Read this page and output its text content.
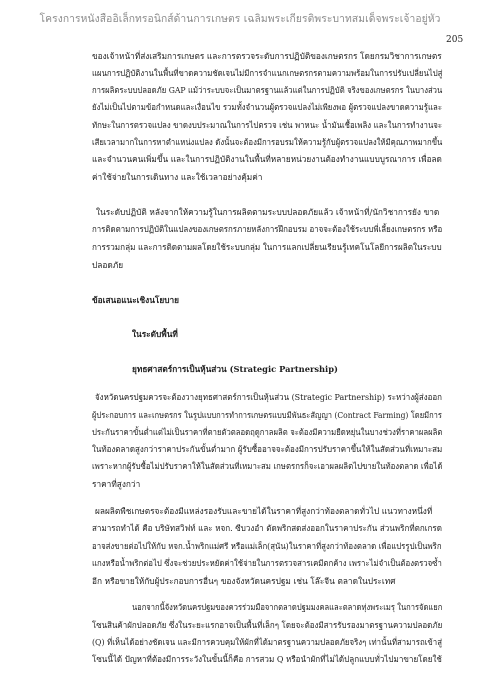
โครงการหนังสืออิเล็กทรอนิกส์ด้านการเกษตร เฉลิมพระเกียรติพระบาทสมเด็จพระเจ้าอยู่หัว
205
ของเจ้าหน้าที่ส่งเสริมการเกษตร และการตรวจระดับการปฏิบัติของเกษตรกร โดยกรมวิชาการเกษตร
แผนการปฏิบัติงานในพื้นที่ขาดความชัดเจนไม่มีการจำแนกเกษตรกรตามความพร้อมในการปรับเปลี่ยนไปสู่
การผลิตระบบปลอดภัย GAP แม้ว่าระบบจะเป็นมาตรฐานแล้วแต่ในการปฏิบัติ จริงของเกษตรกร ในบางส่วน
ยังไม่เป็นไปตามข้อกำหนดและเงื่อนไข รวมทั้งจำนวนผู้ตรวจแปลงไม่เพียงพอ ผู้ตรวจแปลงขาดความรู้และ
ทักษะในการตรวจแปลง ขาดงบประมาณในการไปตรวจ เช่น พาหนะ น้ำมันเชื้อเพลิง และในการทำงานจะ
เสียเวลามากในการหาตำแหน่งแปลง ดังนั้นจะต้องมีการอบรมให้ความรู้กับผู้ตรวจแปลงให้มีคุณภาพมากขึ้น
และจำนวนคนเพิ่มขึ้น และในการปฏิบัติงานในพื้นที่หลายหน่วยงานต้องทำงานแบบบูรณาการ เพื่อลด
ค่าใช้จ่ายในการเดินทาง และใช้เวลาอย่างคุ้มค่า
ในระดับปฏิบัติ หลังจากให้ความรู้ในการผลิตตามระบบปลอดภัยแล้ว เจ้าหน้าที่/นักวิชาการยัง ขาด
การติดตามการปฏิบัติในแปลงของเกษตรกรภายหลังการฝึกอบรม อาจจะต้องใช้ระบบพี่เลี้ยงเกษตรกร หรือ
การรวมกลุ่ม และการติดตามผลโดยใช้ระบบกลุ่ม ในการแลกเปลี่ยนเรียนรู้เทคโนโลยีการผลิตในระบบ
ปลอดภัย
ข้อเสนอแนะเชิงนโยบาย
ในระดับพื้นที่
ยุทธศาสตร์การเป็นหุ้นส่วน (Strategic Partnership)
จังหวัดนครปฐมควรจะต้องวางยุทธศาสตร์การเป็นหุ้นส่วน (Strategic Partnership) ระหว่างผู้ส่งออก
ผู้ประกอบการ และเกษตรกร ในรูปแบบการทำการเกษตรแบบมีพันธะสัญญา (Contract Farming) โดยมีการ
ประกันราคาขั้นต่ำแต่ไม่เป็นราคาที่ตายตัวตลอดฤดูกาลผลิต จะต้องมีความยืดหยุ่นในบางช่วงที่ราคาผลผลิต
ในท้องตลาดสูงกว่าราคาประกันขั้นต่ำมาก ผู้รับซื้ออาจจะต้องมีการปรับราคาขึ้นให้ในสัดส่วนที่เหมาะสม
เพราะหากผู้รับซื้อไม่ปรับราคาให้ในสัดส่วนที่เหมาะสม เกษตรกรก็จะเอาผลผลิตไปขายในท้องตลาด เพื่อได้
ราคาที่สูงกว่า
ผลผลิตพืชเกษตรจะต้องมีแหล่งรองรับและขายได้ในราคาที่สูงกว่าท้องตลาดทั่วไป แนวทางหนึ่งที่
สามารถทำได้ คือ บริษัทสวิฟท์ และ หจก. ซีบวงอำ ตัดพริกสดส่งออกในราคาประกัน ส่วนพริกที่ตกเกรด
อาจส่งขายต่อไปให้กับ หจก.น้ำพริกแม่ศรี หรือแม่เล็ก(สุนัน)ในราคาที่สูงกว่าท้องตลาด เพื่อแปรรูปเป็นพริก
แกงหรือน้ำพริกต่อไป ซึ่งจะช่วยประหยัดค่าใช้จ่ายในการตรวจสารเคมีตกค้าง เพราะไม่จำเป็นต้องตรวจซ้ำ
อีก หรือขายให้กับผู้ประกอบการอื่นๆ ของจังหวัดนครปฐม เช่น โล๊ะจีน ตลาดในประเทศ
นอกจากนี้จังหวัดนครปฐมของควรร่วมมือจากตลาดปฐมมงคลและตลาดทุ่งพระเมรุ ในการจัดแยก
โซนสินค้าผักปลอดภัย ซึ่งในระยะแรกอาจเป็นพื้นที่เล็กๆ โดยจะต้องมีสารรับรองมาตรฐานความปลอดภัย
(Q) ที่เห็นได้อย่างชัดเจน และมีการควบคุมให้ผักที่ได้มาตรฐานความปลอดภัยจริงๆ เท่านั้นที่สามารถเข้าสู่
โซนนี้ได้ ปัญหาที่ต้องมีการระวังในขั้นนี้ก็คือ การสวม Q หรือนำผักที่ไม่ได้ปลูกแบบทั่วไปมาขายโดยใช้
